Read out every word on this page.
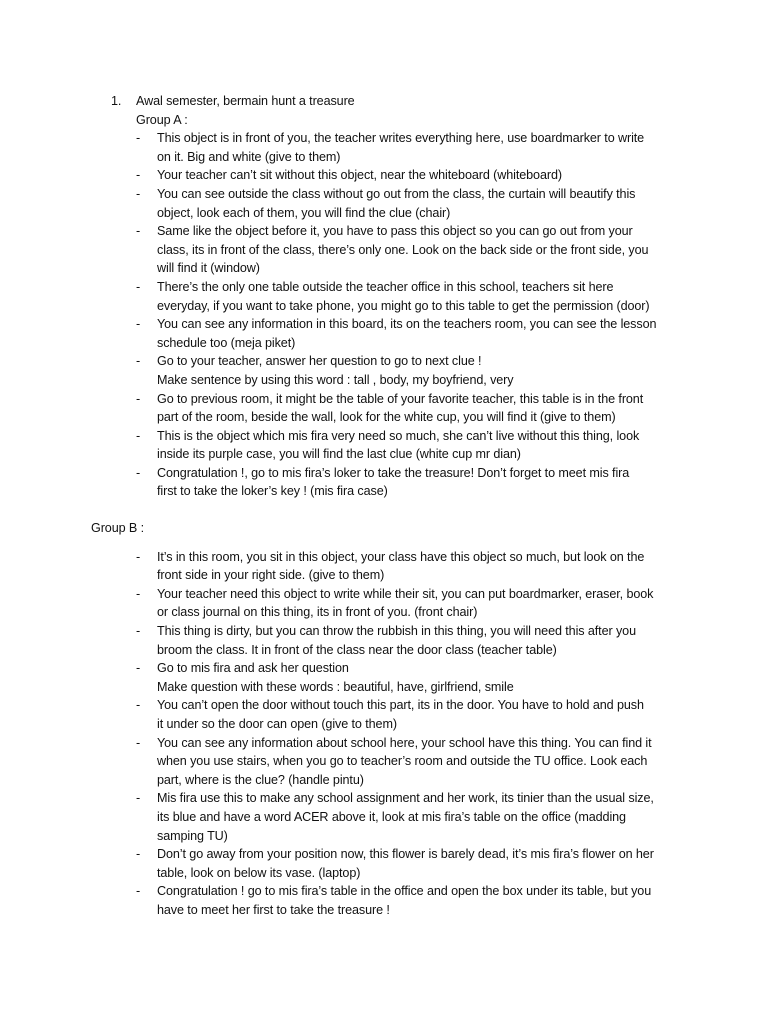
1. Awal semester, bermain hunt a treasure
Group A :
- This object is in front of you, the teacher writes everything here, use boardmarker to write
on it. Big and white (give to them)
- Your teacher can’t sit without this object, near the whiteboard (whiteboard)
- You can see outside the class without go out from the class, the curtain will beautify this
object, look each of them, you will find the clue (chair)
- Same like the object before it, you have to pass this object so you can go out from your
class, its in front of the class, there’s only one. Look on the back side or the front side, you
will find it (window)
- There’s the only one table outside the teacher office in this school, teachers sit here
everyday, if you want to take phone, you might go to this table to get the permission (door)
- You can see any information in this board, its on the teachers room, you can see the lesson
schedule too (meja piket)
- Go to your teacher, answer her question to go to next clue !
Make sentence by using this word : tall , body, my boyfriend, very
- Go to previous room, it might be the table of your favorite teacher, this table is in the front
part of the room, beside the wall, look for the white cup, you will find it (give to them)
- This is the object which mis fira very need so much, she can’t live without this thing, look
inside its purple case, you will find the last clue (white cup mr dian)
- Congratulation !, go to mis fira’s loker to take the treasure! Don’t forget to meet mis fira
first to take the loker’s key ! (mis fira case)
Group B :
- It’s in this room, you sit in this object, your class have this object so much, but look on the
front side in your right side. (give to them)
- Your teacher need this object to write while their sit, you can put boardmarker, eraser, book
or class journal on this thing, its in front of you. (front chair)
- This thing is dirty, but you can throw the rubbish in this thing, you will need this after you
broom the class. It in front of the class near the door class (teacher table)
- Go to mis fira and ask her question
Make question with these words : beautiful, have, girlfriend, smile
- You can’t open the door without touch this part, its in the door. You have to hold and push
it under so the door can open (give to them)
- You can see any information about school here, your school have this thing. You can find it
when you use stairs, when you go to teacher’s room and outside the TU office. Look each
part, where is the clue? (handle pintu)
- Mis fira use this to make any school assignment and her work, its tinier than the usual size,
its blue and have a word ACER above it, look at mis fira’s table on the office (madding
samping TU)
- Don’t go away from your position now, this flower is barely dead, it’s mis fira’s flower on her
table, look on below its vase. (laptop)
- Congratulation ! go to mis fira’s table in the office and open the box under its table, but you
have to meet her first to take the treasure !
